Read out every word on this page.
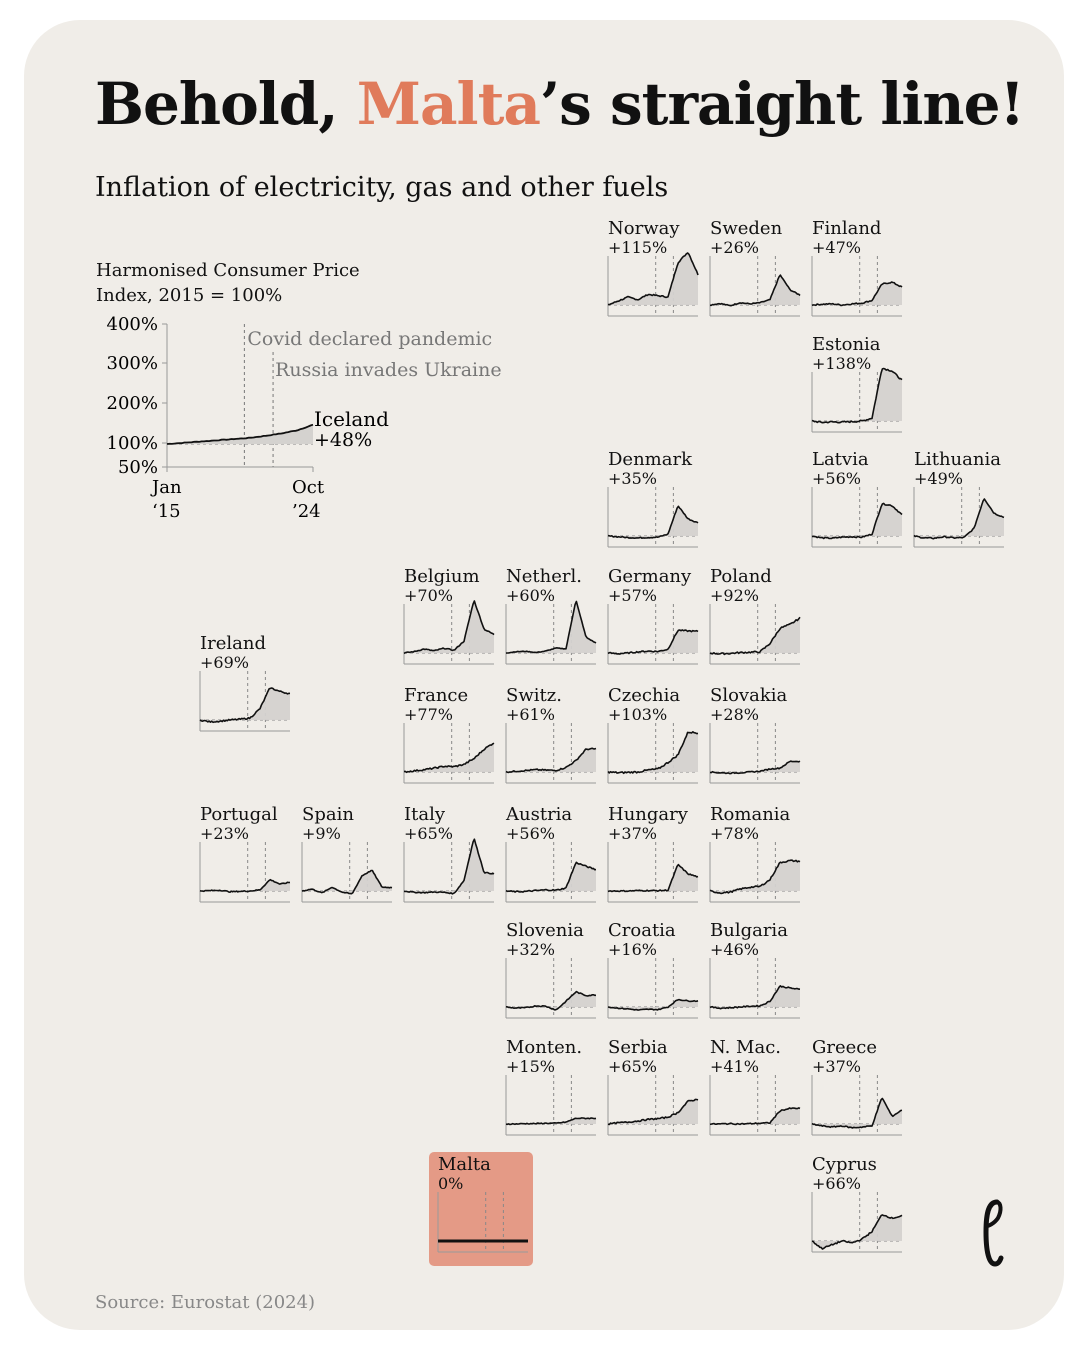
Behold, Malta’s straight line!
Inflation of electricity, gas and other fuels
Harmonised Consumer Price Index, 2015 = 100%
400%
300%
200%
100%
50%
Jan
‘15
Oct
’24
Covid declared pandemic
Russia invades Ukraine
Iceland
+48%
Norway
+115%
Sweden
+26%
Finland
+47%
Estonia
+138%
Denmark
+35%
Latvia
+56%
Lithuania
+49%
Belgium
+70%
Netherl.
+60%
Germany
+57%
Poland
+92%
Ireland
+69%
France
+77%
Switz.
+61%
Czechia
+103%
Slovakia
+28%
Portugal
+23%
Spain
+9%
Italy
+65%
Austria
+56%
Hungary
+37%
Romania
+78%
Slovenia
+32%
Croatia
+16%
Bulgaria
+46%
Monten.
+15%
Serbia
+65%
N. Mac.
+41%
Greece
+37%
Cyprus
+66%
Malta
0%
Source: Eurostat (2024)
